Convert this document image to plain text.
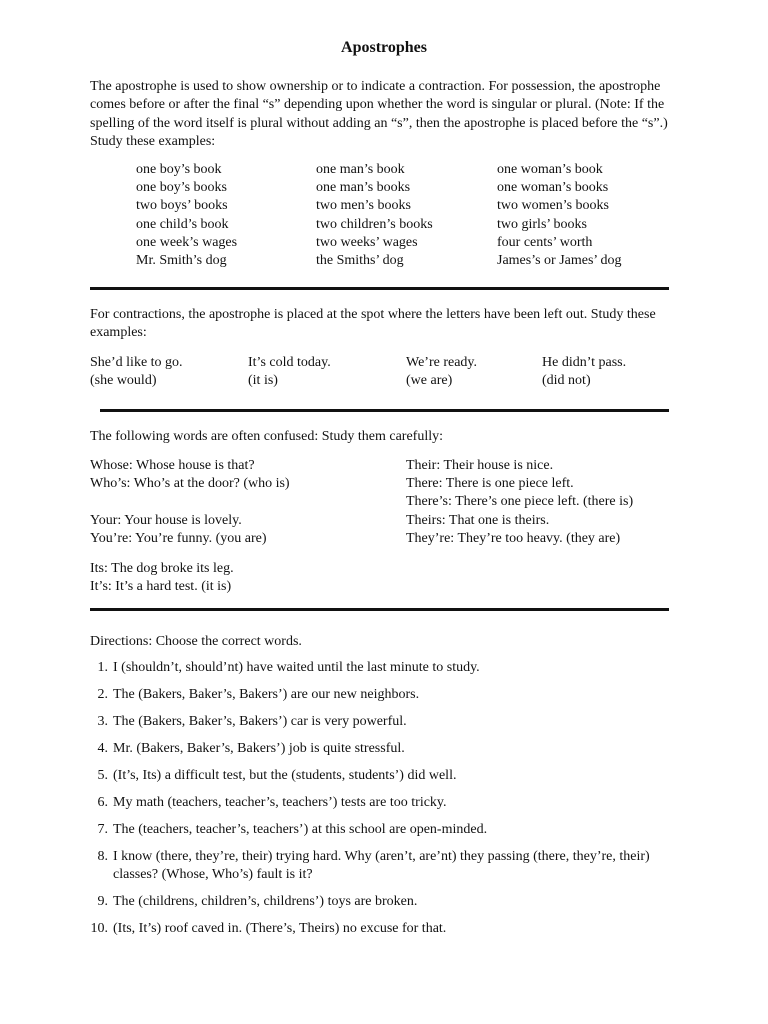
Apostrophes
The apostrophe is used to show ownership or to indicate a contraction. For possession, the apostrophe comes before or after the final “s” depending upon whether the word is singular or plural. (Note: If the spelling of the word itself is plural without adding an “s”, then the apostrophe is placed before the “s”.) Study these examples:
one boy’s book
one boy’s books
two boys’ books
one child’s book
one week’s wages
Mr. Smith’s dog
one man’s book
one man’s books
two men’s books
two children’s books
two weeks’ wages
the Smiths’ dog
one woman’s book
one woman’s books
two women’s books
two girls’ books
four cents’ worth
James’s or James’ dog
For contractions, the apostrophe is placed at the spot where the letters have been left out. Study these examples:
She’d like to go.
(she would)
It’s cold today.
(it is)
We’re ready.
(we are)
He didn’t pass.
(did not)
The following words are often confused: Study them carefully:
Whose: Whose house is that?
Who’s: Who’s at the door? (who is)
Your: Your house is lovely.
You’re: You’re funny. (you are)
Its: The dog broke its leg.
It’s: It’s a hard test. (it is)
Their: Their house is nice.
There: There is one piece left.
There’s: There’s one piece left. (there is)
Theirs: That one is theirs.
They’re: They’re too heavy. (they are)
Directions: Choose the correct words.
1. I (shouldn’t, should’nt) have waited until the last minute to study.
2. The (Bakers, Baker’s, Bakers’) are our new neighbors.
3. The (Bakers, Baker’s, Bakers’) car is very powerful.
4. Mr. (Bakers, Baker’s, Bakers’) job is quite stressful.
5. (It’s, Its) a difficult test, but the (students, students’) did well.
6. My math (teachers, teacher’s, teachers’) tests are too tricky.
7. The (teachers, teacher’s, teachers’) at this school are open-minded.
8. I know (there, they’re, their) trying hard. Why (aren’t, are’nt) they passing (there, they’re, their) classes? (Whose, Who’s) fault is it?
9. The (childrens, children’s, childrens’) toys are broken.
10. (Its, It’s) roof caved in. (There’s, Theirs) no excuse for that.
